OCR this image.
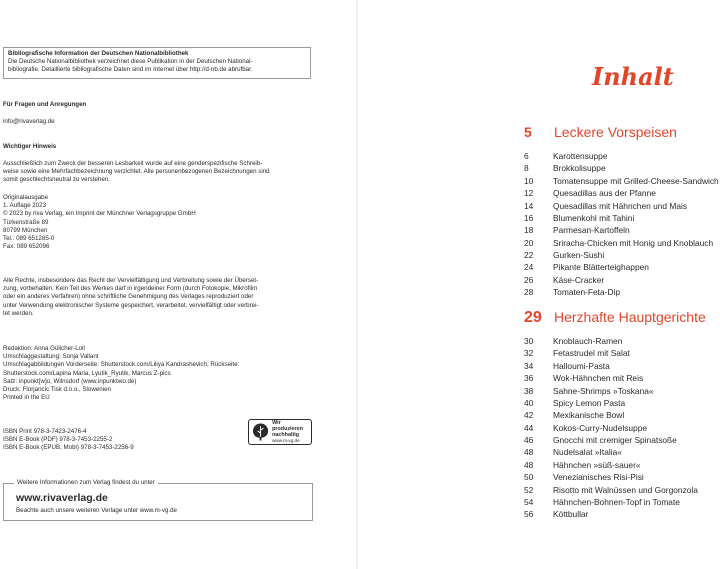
Bibliografische Information der Deutschen Nationalbibliothek
Die Deutsche Nationalbibliothek verzeichnet diese Publikation in der Deutschen National-
bibliografie. Detaillierte bibliografische Daten sind im Internet über http://d-nb.de abrufbar.

Für Fragen und Anregungen

info@rivaverlag.de

Wichtiger Hinweis

Ausschließlich zum Zweck der besseren Lesbarkeit wurde auf eine genderspezifische Schreib-
weise sowie eine Mehrfachbezeichnung verzichtet. Alle personenbezogenen Bezeichnungen sind
somit geschlechtsneutral zu verstehen.

Originalausgabe
1. Auflage 2023
© 2023 by riva Verlag, ein Imprint der Münchner Verlagsgruppe GmbH
Türkenstraße 89
80799 München
Tel.: 089 651285-0
Fax: 089 652096
Alle Rechte, insbesondere das Recht der Vervielfältigung und Verbreitung sowie der Überset-
zung, vorbehalten. Kein Teil des Werkes darf in irgendeiner Form (durch Fotokopie, Mikrofilm
oder ein anderes Verfahren) ohne schriftliche Genehmigung des Verlages reproduziert oder
unter Verwendung elektronischer Systeme gespeichert, verarbeitet, vervielfältigt oder verbrei-
tet werden.
Redaktion: Anna Gülicher-Loll
Umschlaggestaltung: Sonja Vallant
Umschlagabbildungen Vorderseite: Shutterstock.com/Liliya Kandrashevich; Rückseite:
Shutterstock.com/Lapina Maria, Lyutik_Ryutik, Marcus Z-pics
Satz: inpunkt[w]o, Wilnsdorf (www.inpunktwo.de)
Druck: Florjancic Tisk d.o.o., Slowenien
Printed in the EU
ISBN Print 978-3-7423-2476-4
ISBN E-Book (PDF) 978-3-7453-2255-2
ISBN E-Book (EPUB, Mobi) 978-3-7453-2256-9
Wir produzieren
nachhaltig
www.m-vg.de
Weitere Informationen zum Verlag findest du unter
www.rivaverlag.de
Beachte auch unsere weiteren Verlage unter www.m-vg.de
Inhalt
5	Leckere Vorspeisen
6	Karottensuppe
8	Brokkolisuppe
10	Tomatensuppe mit Grilled-Cheese-Sandwich
12	Quesadillas aus der Pfanne
14	Quesadillas mit Hähnchen und Mais
16	Blumenkohl mit Tahini
18	Parmesan-Kartoffeln
20	Sriracha-Chicken mit Honig und Knoblauch
22	Gurken-Sushi
24	Pikante Blätterteighappen
26	Käse-Cracker
28	Tomaten-Feta-Dip
29 Herzhafte Hauptgerichte
30	Knoblauch-Ramen
32	Fetastrudel mit Salat
34	Halloumi-Pasta
36	Wok-Hähnchen mit Reis
38	Sahne-Shrimps »Toskana«
40	Spicy Lemon Pasta
42	Mexikanische Bowl
44	Kokos-Curry-Nudelsuppe
46	Gnocchi mit cremiger Spinatsoße
48	Nudelsalat »Italia«
48	Hähnchen »süß-sauer«
50	Venezianisches Risi-Pisi
52	Risotto mit Walnüssen und Gorgonzola
54	Hähnchen-Bohnen-Topf in Tomate
56	Köttbullar
